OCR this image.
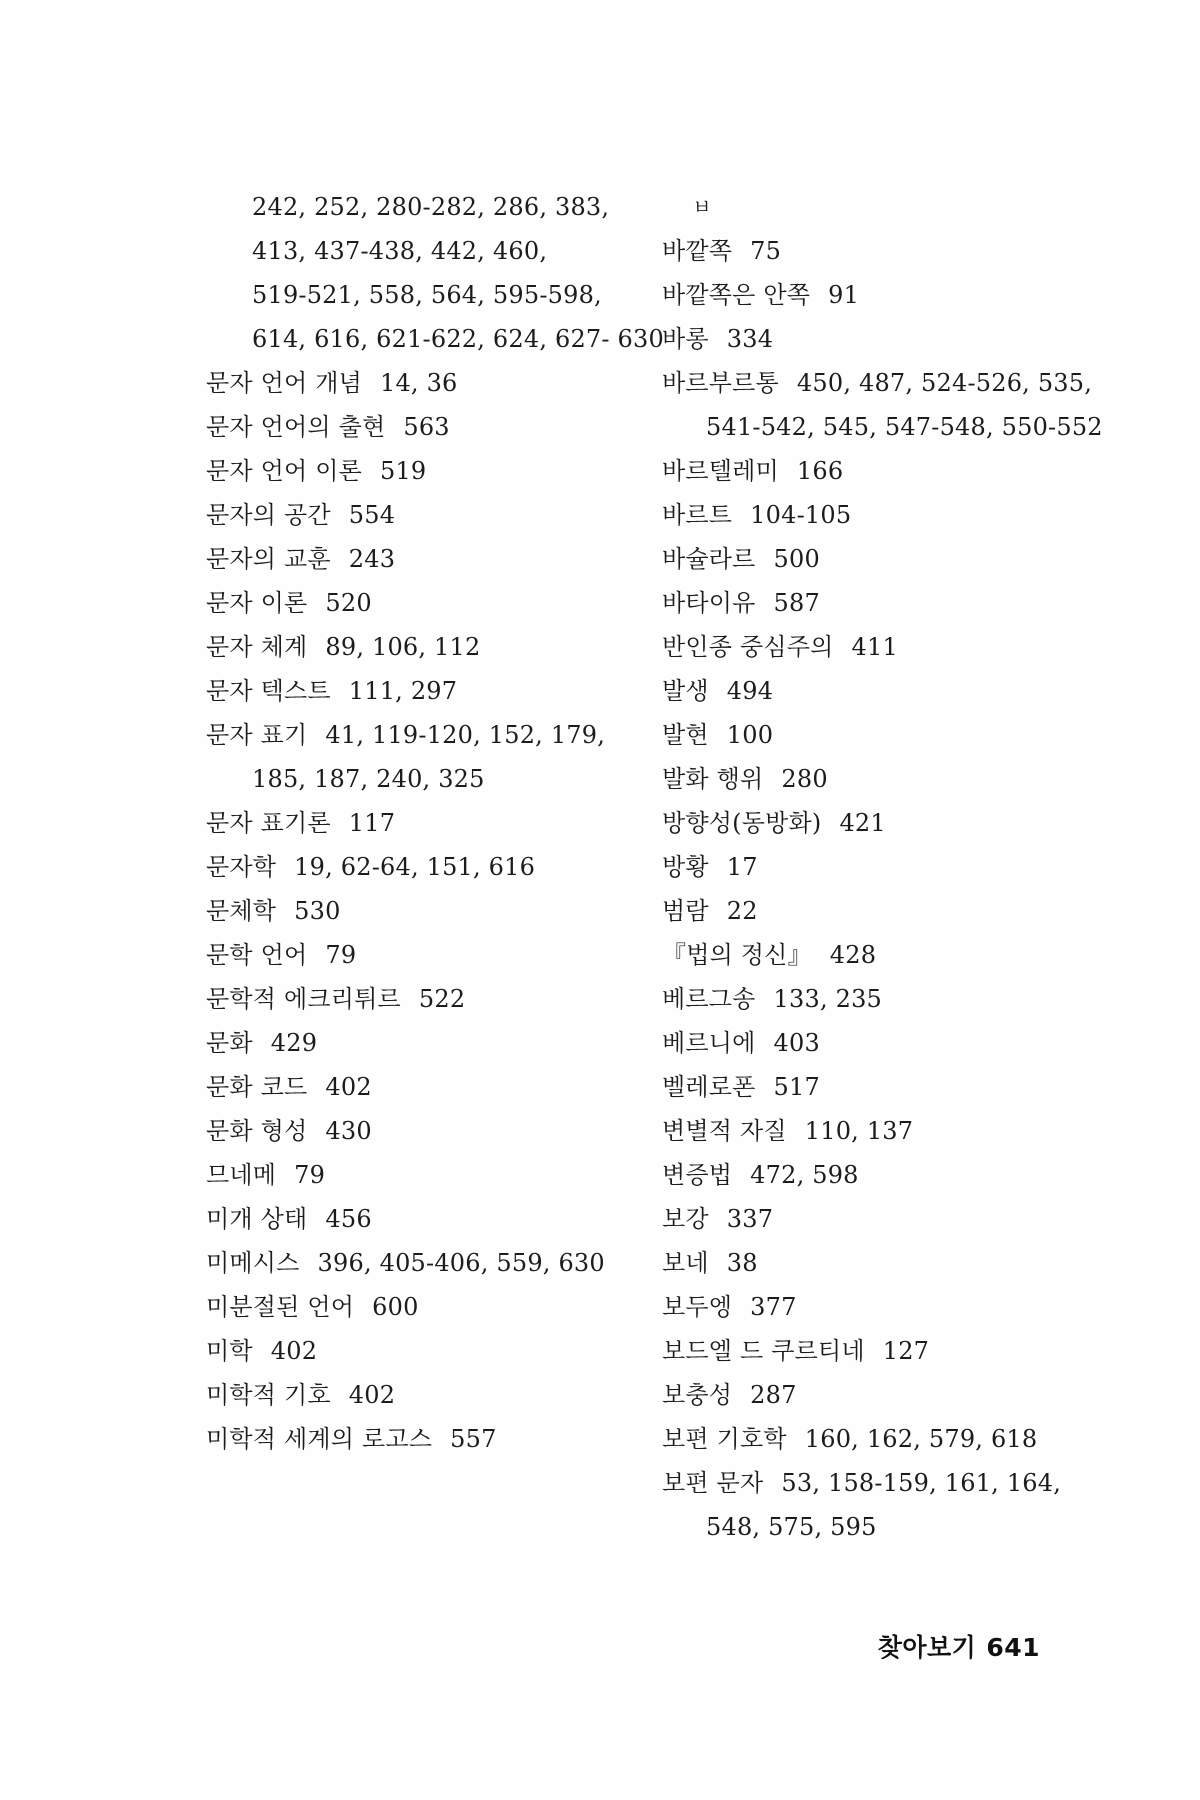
242, 252, 280-282, 286, 383,
413, 437-438, 442, 460,
519-521, 558, 564, 595-598,
614, 616, 621-622, 624, 627- 630
문자 언어 개념 14, 36
문자 언어의 출현 563
문자 언어 이론 519
문자의 공간 554
문자의 교훈 243
문자 이론 520
문자 체계 89, 106, 112
문자 텍스트 111, 297
문자 표기 41, 119-120, 152, 179,
185, 187, 240, 325
문자 표기론 117
문자학 19, 62-64, 151, 616
문체학 530
문학 언어 79
문학적 에크리튀르 522
문화 429
문화 코드 402
문화 형성 430
므네메 79
미개 상태 456
미메시스 396, 405-406, 559, 630
미분절된 언어 600
미학 402
미학적 기호 402
미학적 세계의 로고스 557
ㅂ
바깥쪽 75
바깥쪽은 안쪽 91
바롱 334
바르부르통 450, 487, 524-526, 535,
541-542, 545, 547-548, 550-552
바르텔레미 166
바르트 104-105
바슐라르 500
바타이유 587
반인종 중심주의 411
발생 494
발현 100
발화 행위 280
방향성(동방화) 421
방황 17
범람 22
『법의 정신』 428
베르그송 133, 235
베르니에 403
벨레로폰 517
변별적 자질 110, 137
변증법 472, 598
보강 337
보네 38
보두엥 377
보드엘 드 쿠르티네 127
보충성 287
보편 기호학 160, 162, 579, 618
보편 문자 53, 158-159, 161, 164,
548, 575, 595
찾아보기 641
